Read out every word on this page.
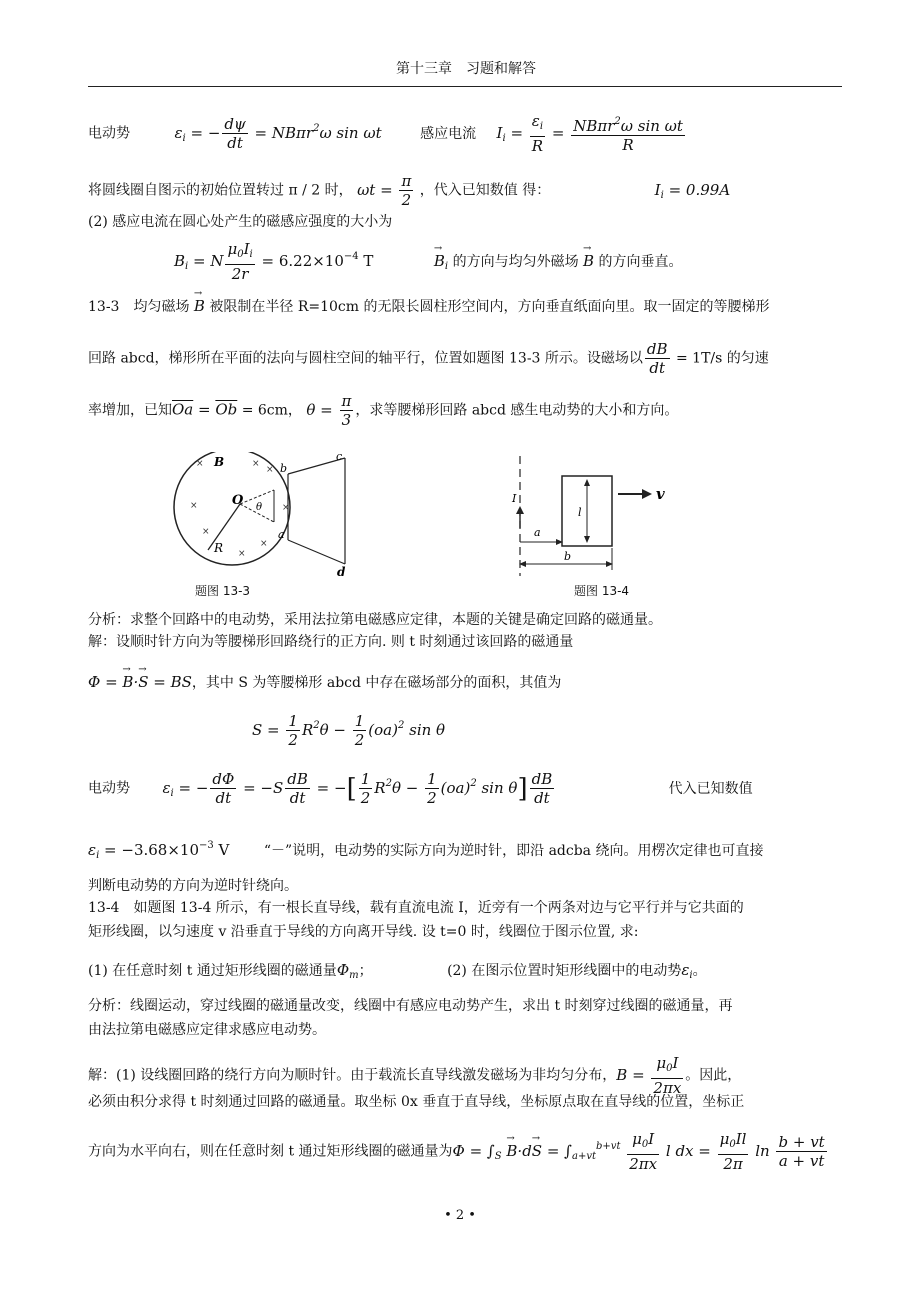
第十三章　习题和解答
电动势	$\varepsilon_i$ = − $\frac{d\psi}{dt} = NB\pi r^2\omega$ sin ωt	感应电流 $I_i = \frac{\varepsilon_i}{R} = \frac{NB\pi r^2\omega \sin \omega t}{R}$
将圆线圈自图示的初始位置转过 π / 2 时， $\omega t = \frac{\pi}{2}$ ，代入已知数值 得：	$I_i = 0.99A$
(2) 感应电流在圆心处产生的磁感应强度的大小为
$B_i = N \frac{\mu_0I_i}{2r} = 6.22\times 10^{-4}$ T	→ $B_i$ 的方向与均匀外磁场 → B 的方向垂直。
13-3　均匀磁场 → B 被限制在半径 R=10cm 的无限长圆柱形空间内，方向垂直纸面向里。取一固定的等腰梯形
回路 abcd，梯形所在平面的法向与圆柱空间的轴平行，位置如题图 13-3 所示。设磁场以 $\frac{dB}{dt} = 1T/s$ 的匀速
率增加，已知$\overline{Oa} = \overline{Ob} = 6cm$， $\theta = \frac{\pi}{3}$ ，求等腰梯形回路 abcd 感生电动势的大小和方向。
O
B
R
b
a
c
d
θ
×	×
×	×
×
×
×
×
题图 13-3
I
l
a
b
v
题图 13-4
分析：求整个回路中的电动势，采用法拉第电磁感应定律，本题的关键是确定回路的磁通量。
解：设顺时针方向为等腰梯形回路绕行的正方向. 则 t 时刻通过该回路的磁通量
Φ = → B·→ S = BS，其中 S 为等腰梯形 abcd 中存在磁场部分的面积，其值为
$S = \frac{1}{2} R^2\theta - \frac{1}{2} (oa)^2$ sin θ
电动势 $\varepsilon_i$ = − $\frac{d\Phi}{dt} = -S \frac{dB}{dt}$ = −[ $\frac{1}{2} R^2\theta - \frac{1}{2} (oa)^2$ $\sin \theta] \frac{dB}{dt}$	代入已知数值
$\varepsilon_i = -3.68\times 10^{-3}$ V “－”说明，电动势的实际方向为逆时针，即沿 adcba 绕向。用楞次定律也可直接
判断电动势的方向为逆时针绕向。
13-4　如题图 13-4 所示，有一根长直导线，载有直流电流 I，近旁有一个两条对边与它平行并与它共面的
矩形线圈，以匀速度 v 沿垂直于导线的方向离开导线. 设 t=0 时，线圈位于图示位置, 求:
(1) 在任意时刻 t 通过矩形线圈的磁通量$\Phi_m$；	(2) 在图示位置时矩形线圈中的电动势$\varepsilon_i$。
分析：线圈运动，穿过线圈的磁通量改变，线圈中有感应电动势产生，求出 t 时刻穿过线圈的磁通量，再
由法拉第电磁感应定律求感应电动势。
解：(1) 设线圈回路的绕行方向为顺时针。由于载流长直导线激发磁场为非均匀分布，$B = \frac{\mu_0I}{2\pi x}$ 。因此，
必须由积分求得 t 时刻通过回路的磁通量。取坐标 0x 垂直于直导线，坐标原点取在直导线的位置，坐标正
方向为水平向右，则在任意时刻 t 通过矩形线圈的磁通量为$\Phi = \int_S \to B\cdot d\to S = \int_{a+vt}^{b+vt} \frac{\mu_0I}{2\pi x}$ l dx = $\frac{\mu_0Il}{2\pi}$ $\ln \frac{b + vt}{a + vt}$
• 2 •
